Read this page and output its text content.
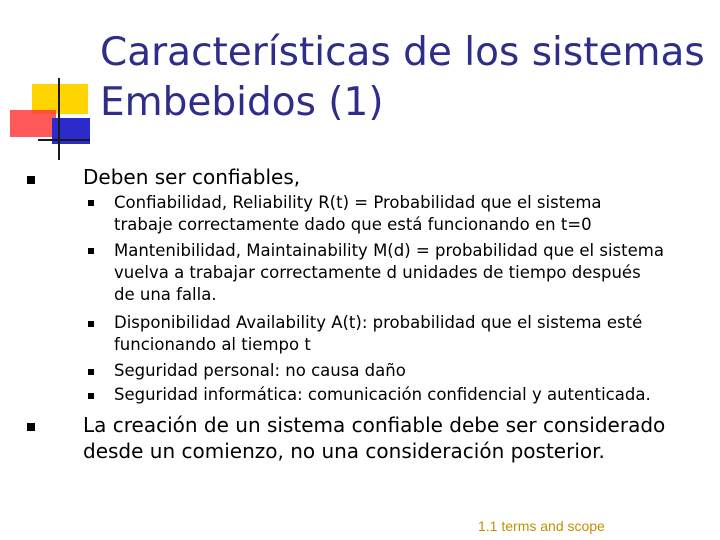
Características de los sistemas
Embebidos (1)
Deben ser confiables,
Confiabilidad, Reliability R(t) = Probabilidad que el sistema
trabaje correctamente dado que está funcionando en t=0
Mantenibilidad, Maintainability M(d) = probabilidad que el sistema
vuelva a trabajar correctamente d unidades de tiempo después
de una falla.
Disponibilidad Availability A(t): probabilidad que el sistema esté
funcionando al tiempo t
Seguridad personal: no causa daño
Seguridad informática: comunicación confidencial y autenticada.
La creación de un sistema confiable debe ser considerado
desde un comienzo, no una consideración posterior.
1.1 terms and scope
